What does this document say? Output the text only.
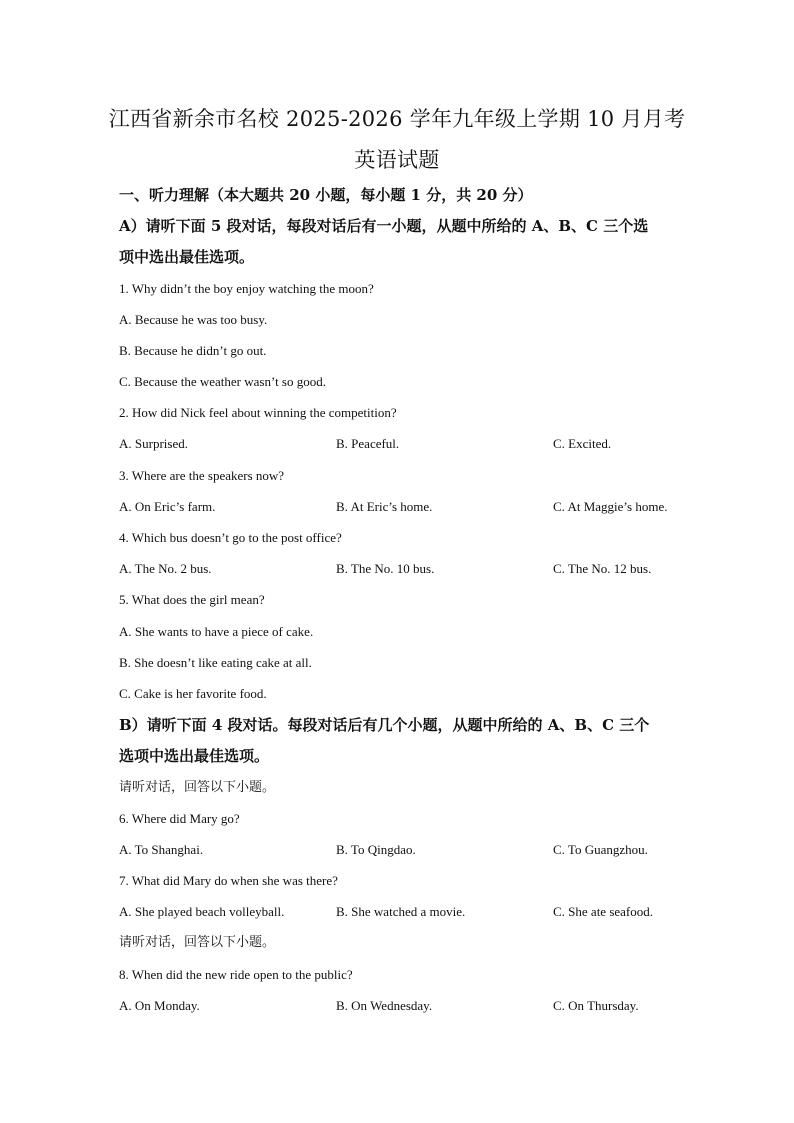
江西省新余市名校 2025-2026 学年九年级上学期 10 月月考
英语试题
一、听力理解（本大题共 20 小题，每小题 1 分，共 20 分）
A）请听下面 5 段对话，每段对话后有一小题，从题中所给的 A、B、C 三个选
项中选出最佳选项。
1. Why didn’t the boy enjoy watching the moon?
A. Because he was too busy.
B. Because he didn’t go out.
C. Because the weather wasn’t so good.
2. How did Nick feel about winning the competition?
A. Surprised.	B. Peaceful.	C. Excited.
3. Where are the speakers now?
A. On Eric’s farm.	B. At Eric’s home.	C. At Maggie’s home.
4. Which bus doesn’t go to the post office?
A. The No. 2 bus.	B. The No. 10 bus.	C. The No. 12 bus.
5. What does the girl mean?
A. She wants to have a piece of cake.
B. She doesn’t like eating cake at all.
C. Cake is her favorite food.
B）请听下面 4 段对话。每段对话后有几个小题，从题中所给的 A、B、C 三个
选项中选出最佳选项。
请听对话，回答以下小题。
6. Where did Mary go?
A. To Shanghai.	B. To Qingdao.	C. To Guangzhou.
7. What did Mary do when she was there?
A. She played beach volleyball.	B. She watched a movie.	C. She ate seafood.
请听对话，回答以下小题。
8. When did the new ride open to the public?
A. On Monday.	B. On Wednesday.	C. On Thursday.
